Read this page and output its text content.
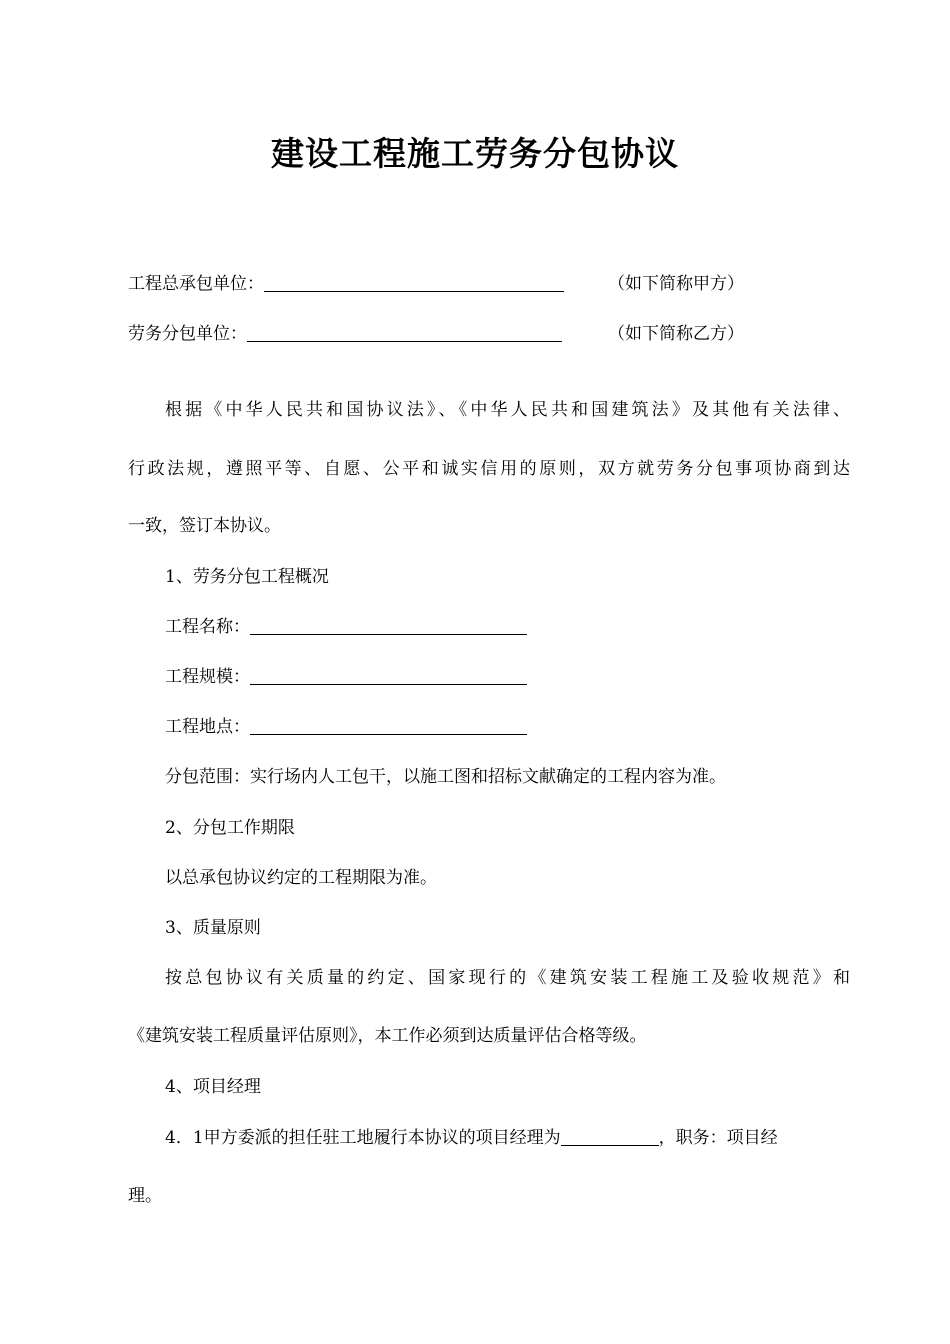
建设工程施工劳务分包协议
工程总承包单位：	（如下简称甲方）
劳务分包单位：	（如下简称乙方）
根据《中华人民共和国协议法》、《中华人民共和国建筑法》及其他有关法律、
行政法规，遵照平等、自愿、公平和诚实信用的原则，双方就劳务分包事项协商到达
一致，签订本协议。
1、劳务分包工程概况
工程名称：
工程规模：
工程地点：
分包范围：实行场内人工包干，以施工图和招标文献确定的工程内容为准。
2、分包工作期限
以总承包协议约定的工程期限为准。
3、质量原则
按总包协议有关质量的约定、国家现行的《建筑安装工程施工及验收规范》和
《建筑安装工程质量评估原则》，本工作必须到达质量评估合格等级。
4、项目经理
4．1甲方委派的担任驻工地履行本协议的项目经理为	，职务：项目经
理。
